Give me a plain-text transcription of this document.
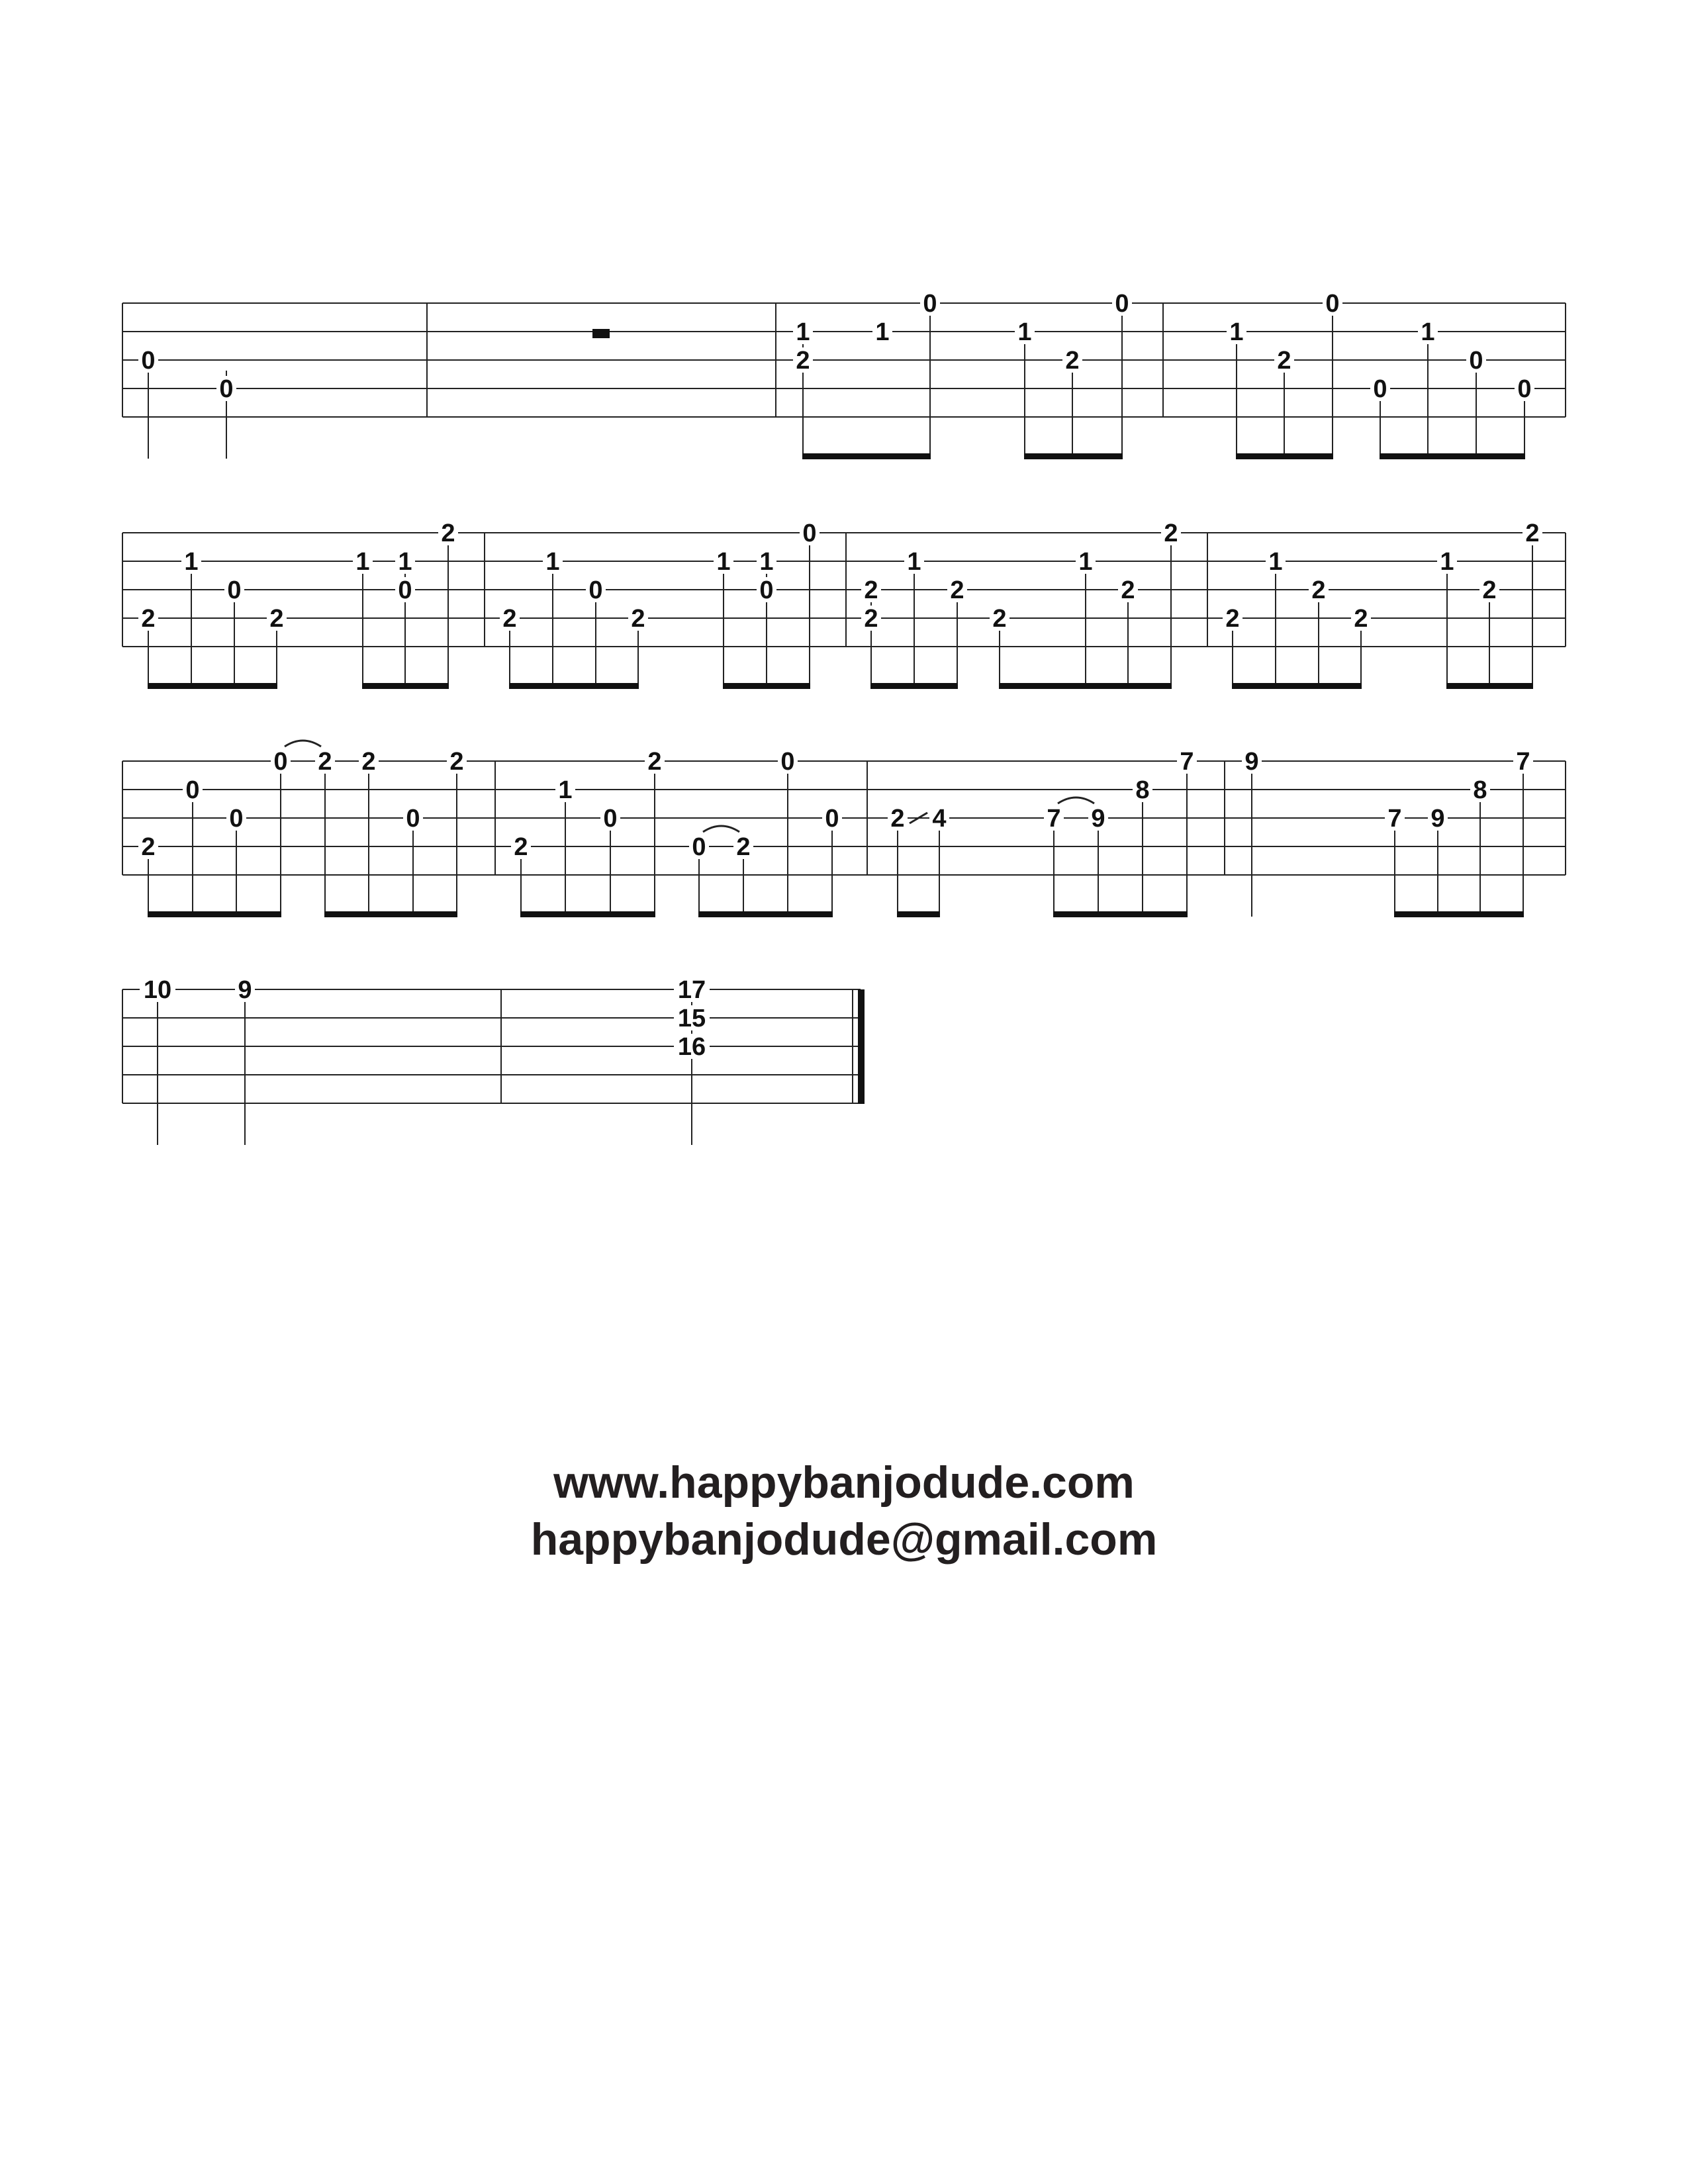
0
0
1
2
1
0
1
2
0
1
2
0
0
1
0
0
2
1
0
2
1 1
0
2
2
1
0
2
1 1
0
0
2
2
1
2
2
1
2
2
2
1
2
2
1
2
2
2
0
0
0 2 2
0
2
2
1
0
2
0 2
0
0 2 4	7 9
8
7 9
7 9
8
7
10	9	17
15
16
www.happybanjodude.com
happybanjodude@gmail.com
